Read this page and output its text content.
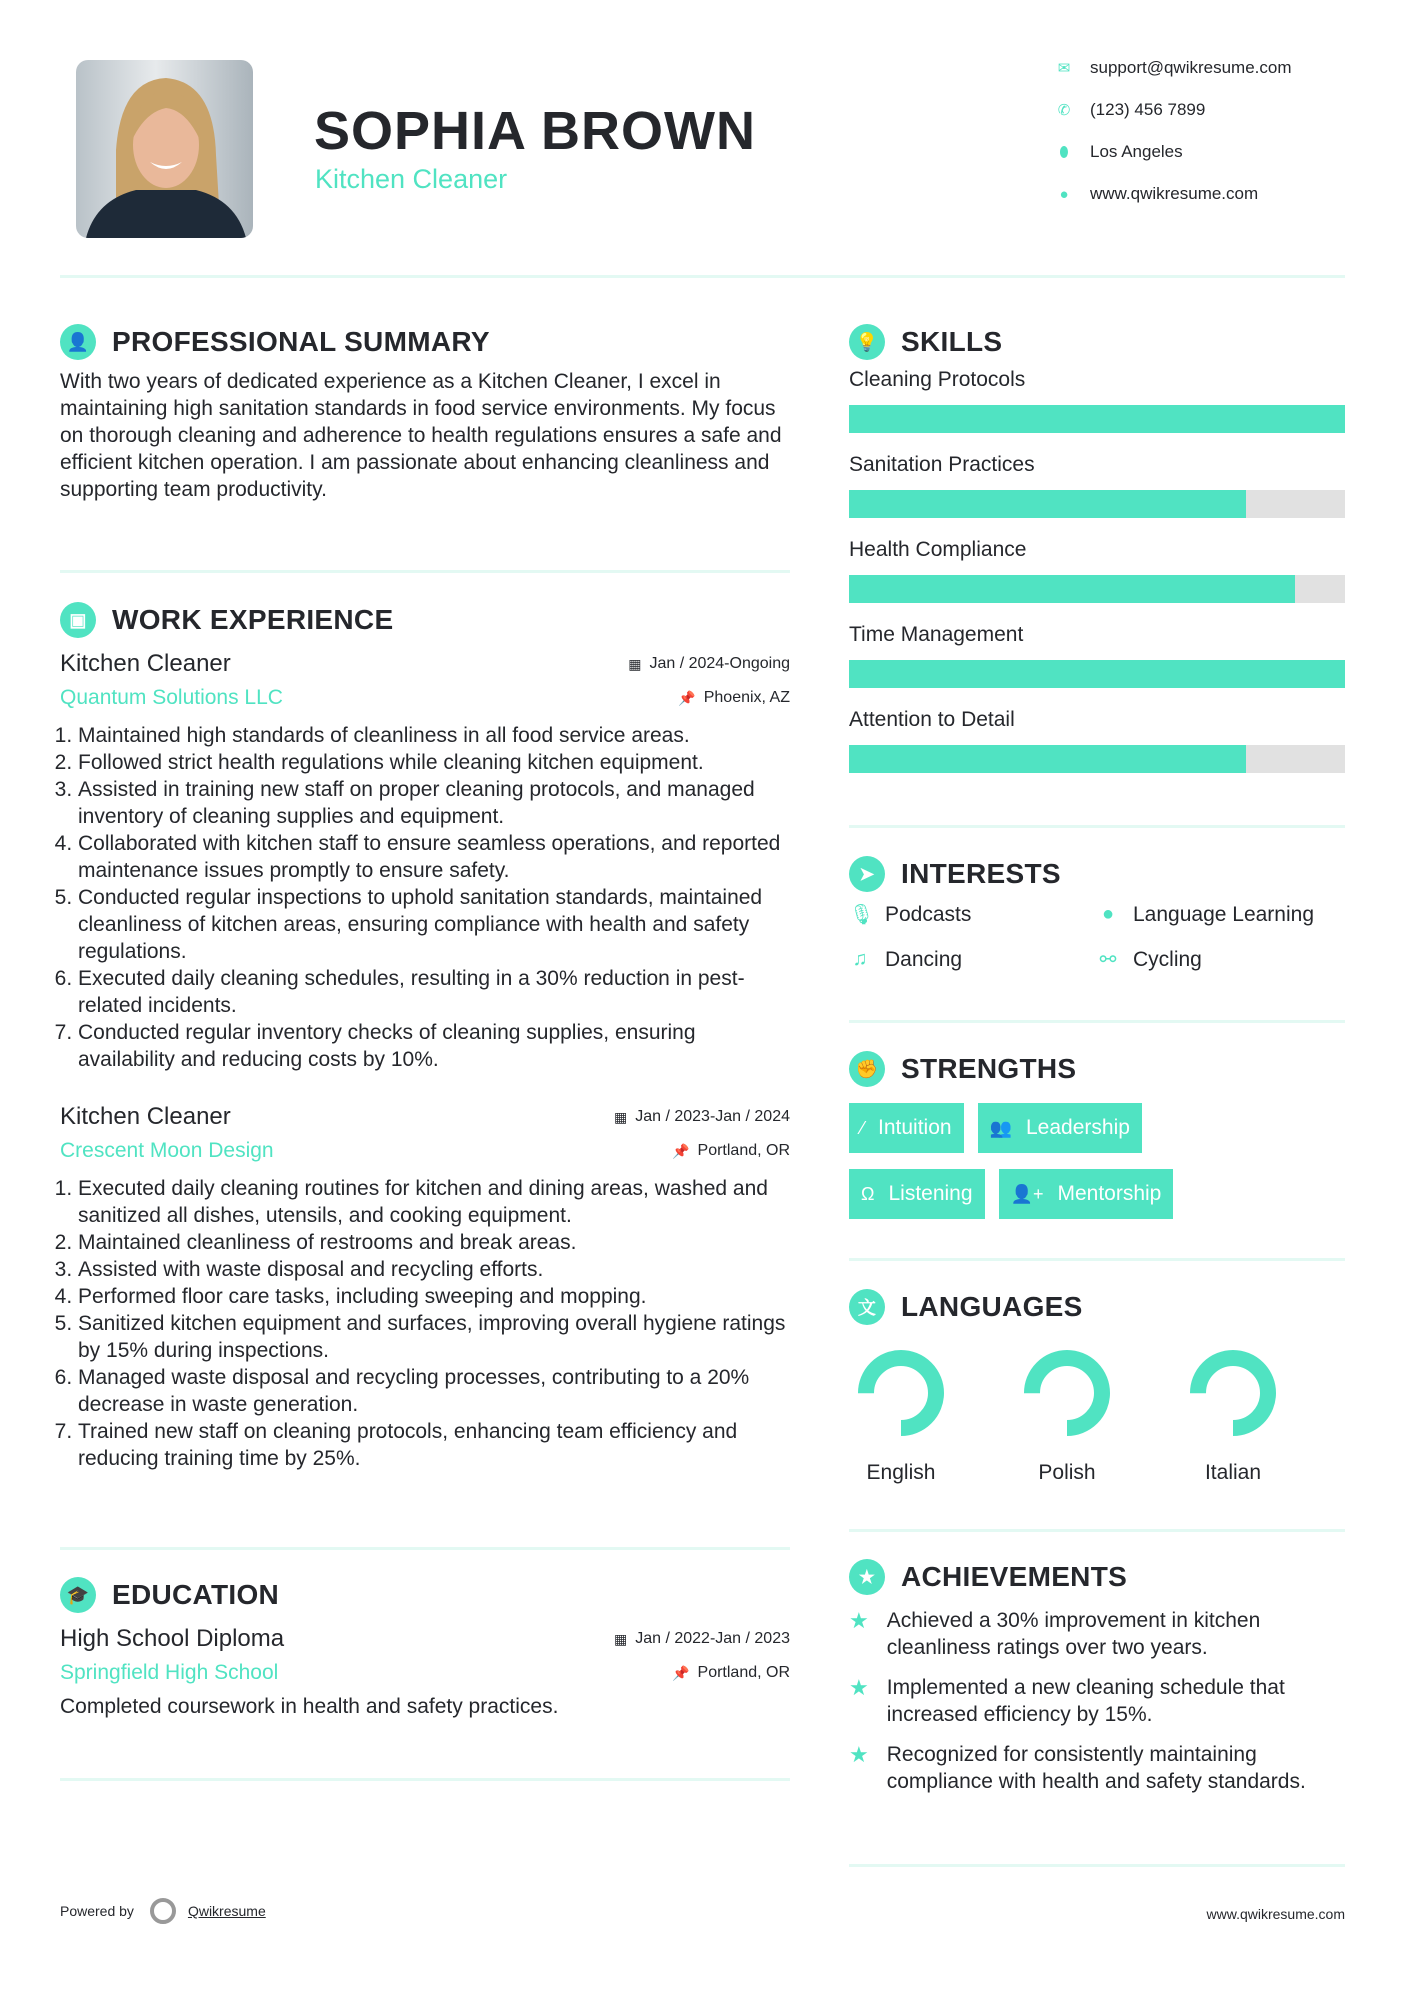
SOPHIA BROWN
Kitchen Cleaner
✉ support@qwikresume.com
✆ (123) 456 7899
⬮ Los Angeles
● www.qwikresume.com
👤 PROFESSIONAL SUMMARY

With two years of dedicated experience as a Kitchen Cleaner, I excel in maintaining high sanitation standards in food service environments. My focus on thorough cleaning and adherence to health regulations ensures a safe and efficient kitchen operation. I am passionate about enhancing cleanliness and supporting team productivity.

▣ WORK EXPERIENCE
Kitchen Cleaner	▦ Jan / 2024-Ongoing
Quantum Solutions LLC	📌 Phoenix, AZ
1. Maintained high standards of cleanliness in all food service areas.
2. Followed strict health regulations while cleaning kitchen equipment.
3. Assisted in training new staff on proper cleaning protocols, and managed inventory of cleaning supplies and equipment.
4. Collaborated with kitchen staff to ensure seamless operations, and reported maintenance issues promptly to ensure safety.
5. Conducted regular inspections to uphold sanitation standards, maintained cleanliness of kitchen areas, ensuring compliance with health and safety regulations.
6. Executed daily cleaning schedules, resulting in a 30% reduction in pest-related incidents.
7. Conducted regular inventory checks of cleaning supplies, ensuring availability and reducing costs by 10%.
Kitchen Cleaner	▦ Jan / 2023-Jan / 2024
Crescent Moon Design	📌 Portland, OR
1. Executed daily cleaning routines for kitchen and dining areas, washed and sanitized all dishes, utensils, and cooking equipment.
2. Maintained cleanliness of restrooms and break areas.
3. Assisted with waste disposal and recycling efforts.
4. Performed floor care tasks, including sweeping and mopping.
5. Sanitized kitchen equipment and surfaces, improving overall hygiene ratings by 15% during inspections.
6. Managed waste disposal and recycling processes, contributing to a 20% decrease in waste generation.
7. Trained new staff on cleaning protocols, enhancing team efficiency and reducing training time by 25%.
🎓 EDUCATION
High School Diploma	▦ Jan / 2022-Jan / 2023
Springfield High School	📌 Portland, OR

Completed coursework in health and safety practices.

💡 SKILLS
Cleaning Protocols
Sanitation Practices
Health Compliance
Time Management
Attention to Detail
➤ INTERESTS
🎙 Podcasts	● Language Learning
♫ Dancing	⚯ Cycling
✊ STRENGTHS
⁄ Intuition 👥 Leadership
Ω Listening 👤+ Mentorship
文 LANGUAGES
English	Polish	Italian
★ ACHIEVEMENTS
★ Achieved a 30% improvement in kitchen cleanliness ratings over two years.
★ Implemented a new cleaning schedule that increased efficiency by 15%.
★ Recognized for consistently maintaining compliance with health and safety standards.
Powered by	Qwikresume	www.qwikresume.com
